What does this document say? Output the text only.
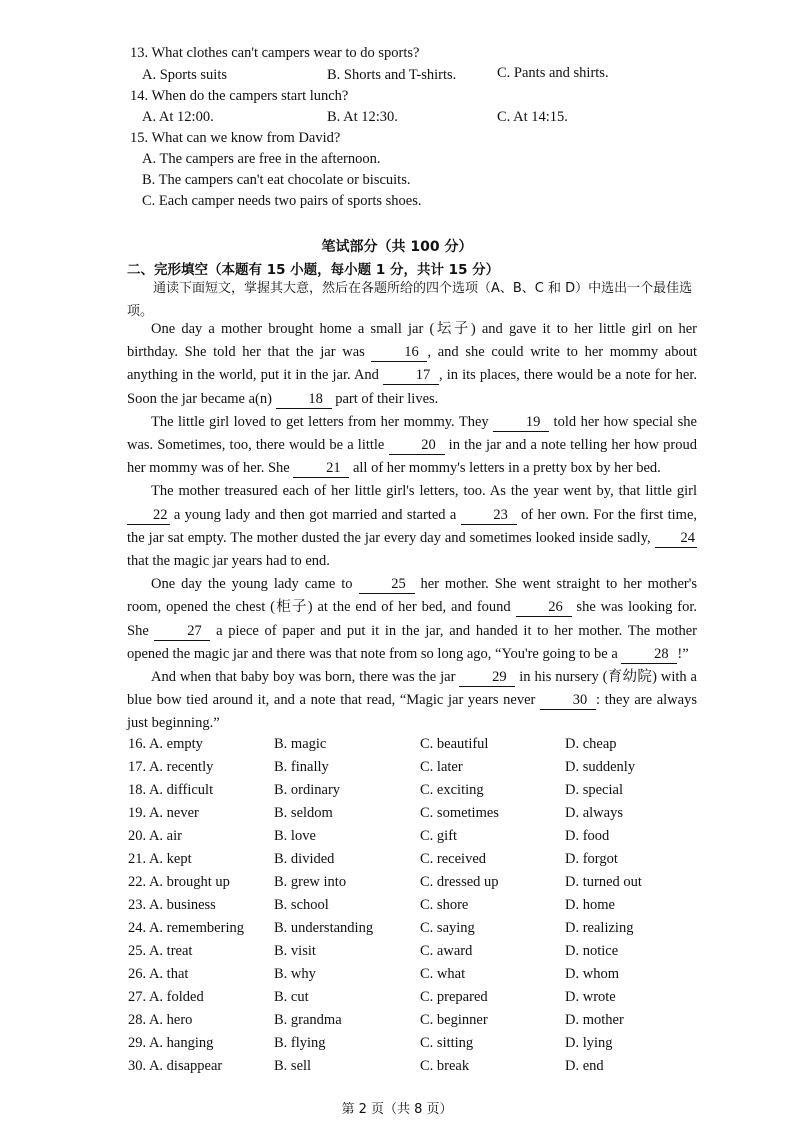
13. What clothes can't campers wear to do sports?
A. Sports suits	B. Shorts and T-shirts.	C. Pants and shirts.
14. When do the campers start lunch?
A. At 12:00.	B. At 12:30.	C. At 14:15.
15. What can we know from David?
A. The campers are free in the afternoon.
B. The campers can't eat chocolate or biscuits.
C. Each camper needs two pairs of sports shoes.
笔试部分（共 100 分）
二、完形填空（本题有 15 小题，每小题 1 分，共计 15 分）
通读下面短文，掌握其大意，然后在各题所给的四个选项（A、B、C 和 D）中选出一个最佳选项。

One day a mother brought home a small jar (坛子) and gave it to her little girl on her birthday. She told her that the jar was 16 , and she could write to her mommy about anything in the world, put it in the jar. And 17 , in its places, there would be a note for her. Soon the jar became a(n) 18 part of their lives.

The little girl loved to get letters from her mommy. They 19 told her how special she was. Sometimes, too, there would be a little 20 in the jar and a note telling her how proud her mommy was of her. She 21 all of her mommy's letters in a pretty box by her bed.

The mother treasured each of her little girl's letters, too. As the year went by, that little girl 22 a young lady and then got married and started a 23 of her own. For the first time, the jar sat empty. The mother dusted the jar every day and sometimes looked inside sadly, 24 that the magic jar years had to end.

One day the young lady came to 25 her mother. She went straight to her mother's room, opened the chest (柜子) at the end of her bed, and found 26 she was looking for. She 27 a piece of paper and put it in the jar, and handed it to her mother. The mother opened the magic jar and there was that note from so long ago, “You're going to be a 28 !”

And when that baby boy was born, there was the jar 29 in his nursery (育幼院) with a blue bow tied around it, and a note that read, “Magic jar years never 30 : they are always just beginning.”

16. A. empty	B. magic	C. beautiful	D. cheap
17. A. recently	B. finally	C. later	D. suddenly
18. A. difficult	B. ordinary	C. exciting	D. special
19. A. never	B. seldom	C. sometimes	D. always
20. A. air	B. love	C. gift	D. food
21. A. kept	B. divided	C. received	D. forgot
22. A. brought up	B. grew into	C. dressed up	D. turned out
23. A. business	B. school	C. shore	D. home
24. A. remembering B. understanding	C. saying	D. realizing
25. A. treat	B. visit	C. award	D. notice
26. A. that	B. why	C. what	D. whom
27. A. folded	B. cut	C. prepared	D. wrote
28. A. hero	B. grandma	C. beginner	D. mother
29. A. hanging	B. flying	C. sitting	D. lying
30. A. disappear	B. sell	C. break	D. end
第 2 页（共 8 页）
